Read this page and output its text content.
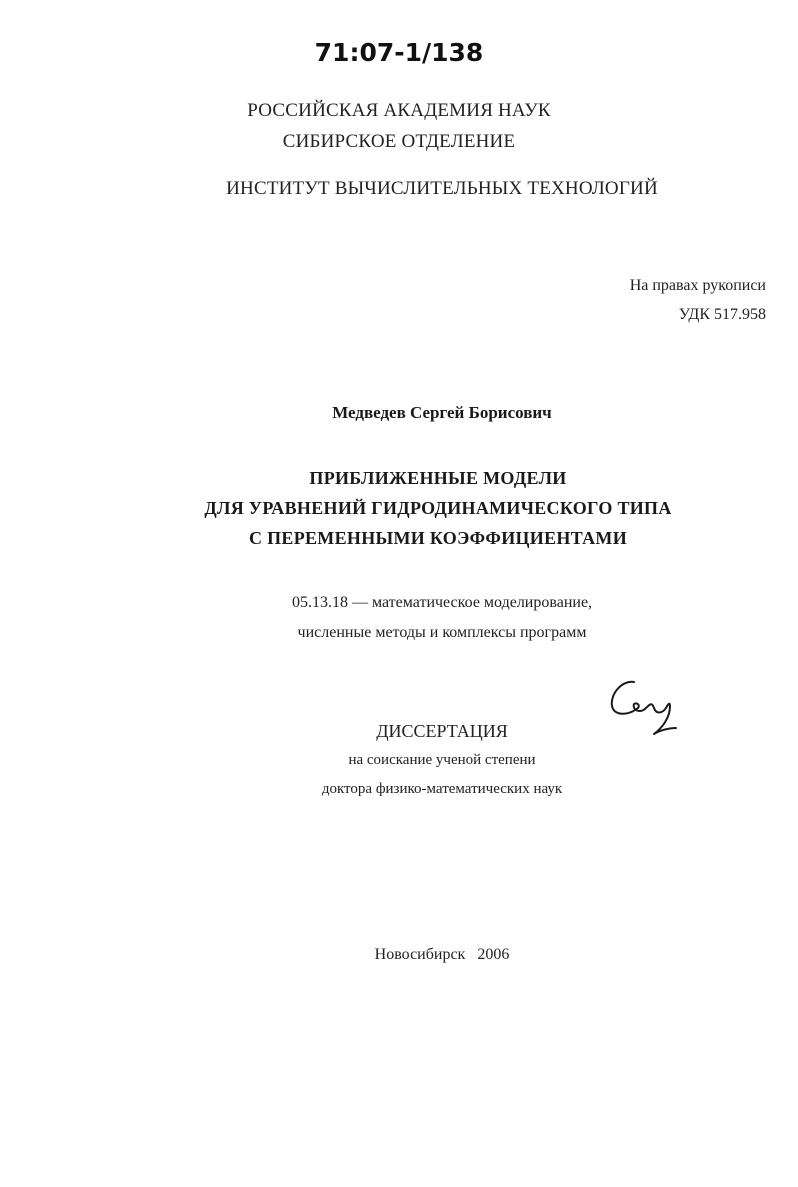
71:07-1/138
РОССИЙСКАЯ АКАДЕМИЯ НАУК
СИБИРСКОЕ ОТДЕЛЕНИЕ
ИНСТИТУТ ВЫЧИСЛИТЕЛЬНЫХ ТЕХНОЛОГИЙ
На правах рукописи
УДК 517.958
Медведев Сергей Борисович
ПРИБЛИЖЕННЫЕ МОДЕЛИ
ДЛЯ УРАВНЕНИЙ ГИДРОДИНАМИЧЕСКОГО ТИПА
С ПЕРЕМЕННЫМИ КОЭФФИЦИЕНТАМИ
05.13.18 — математическое моделирование,
численные методы и комплексы программ
ДИССЕРТАЦИЯ
на соискание ученой степени
доктора физико-математических наук
Новосибирск 2006
